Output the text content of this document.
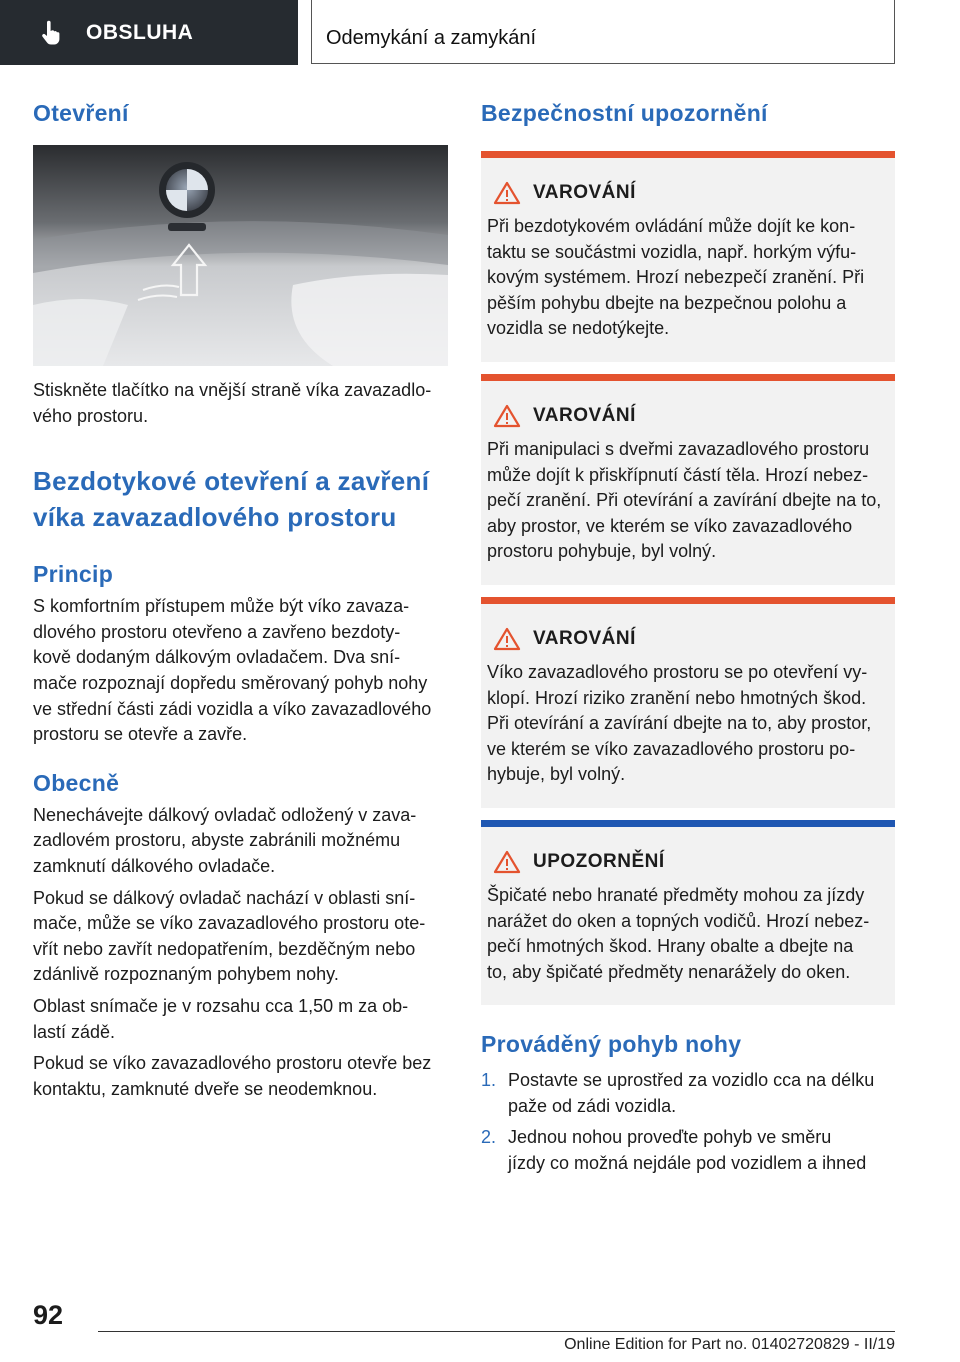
OBSLUHA	Odemykání a zamykání
Otevření

Stiskněte tlačítko na vnější straně víka zavazadlo- vého prostoru.

Bezdotykové otevření a zavření
víka zavazadlového prostoru
Princip

S komfortním přístupem může být víko zavaza-
dlového prostoru otevřeno a zavřeno bezdoty-
kově dodaným dálkovým ovladačem. Dva sní-
mače rozpoznají dopředu směrovaný pohyb nohy
ve střední části zádi vozidla a víko zavazadlového
prostoru se otevře a zavře.

Obecně

Nenechávejte dálkový ovladač odložený v zava-
zadlovém prostoru, abyste zabránili možnému
zamknutí dálkového ovladače.

Pokud se dálkový ovladač nachází v oblasti sní-
mače, může se víko zavazadlového prostoru ote-
vřít nebo zavřít nedopatřením, bezděčným nebo
zdánlivě rozpoznaným pohybem nohy.

Oblast snímače je v rozsahu cca 1,50 m za ob-
lastí zádě.

Pokud se víko zavazadlového prostoru otevře bez
kontaktu, zamknuté dveře se neodemknou.

Bezpečnostní upozornění
VAROVÁNÍ

Při bezdotykovém ovládání může dojít ke kon-
taktu se součástmi vozidla, např. horkým výfu-
kovým systémem. Hrozí nebezpečí zranění. Při
pěším pohybu dbejte na bezpečnou polohu a
vozidla se nedotýkejte.

VAROVÁNÍ

Při manipulaci s dveřmi zavazadlového prostoru
může dojít k přiskřípnutí částí těla. Hrozí nebez-
pečí zranění. Při otevírání a zavírání dbejte na to,
aby prostor, ve kterém se víko zavazadlového
prostoru pohybuje, byl volný.

VAROVÁNÍ

Víko zavazadlového prostoru se po otevření vy-
klopí. Hrozí riziko zranění nebo hmotných škod.
Při otevírání a zavírání dbejte na to, aby prostor,
ve kterém se víko zavazadlového prostoru po-
hybuje, byl volný.

UPOZORNĚNÍ

Špičaté nebo hranaté předměty mohou za jízdy
narážet do oken a topných vodičů. Hrozí nebez-
pečí hmotných škod. Hrany obalte a dbejte na
to, aby špičaté předměty nenarážely do oken.

Prováděný pohyb nohy
1. Postavte se uprostřed za vozidlo cca na délku
paže od zádi vozidla.
2. Jednou nohou proveďte pohyb ve směru
jízdy co možná nejdále pod vozidlem a ihned
92
Online Edition for Part no. 01402720829 - II/19
